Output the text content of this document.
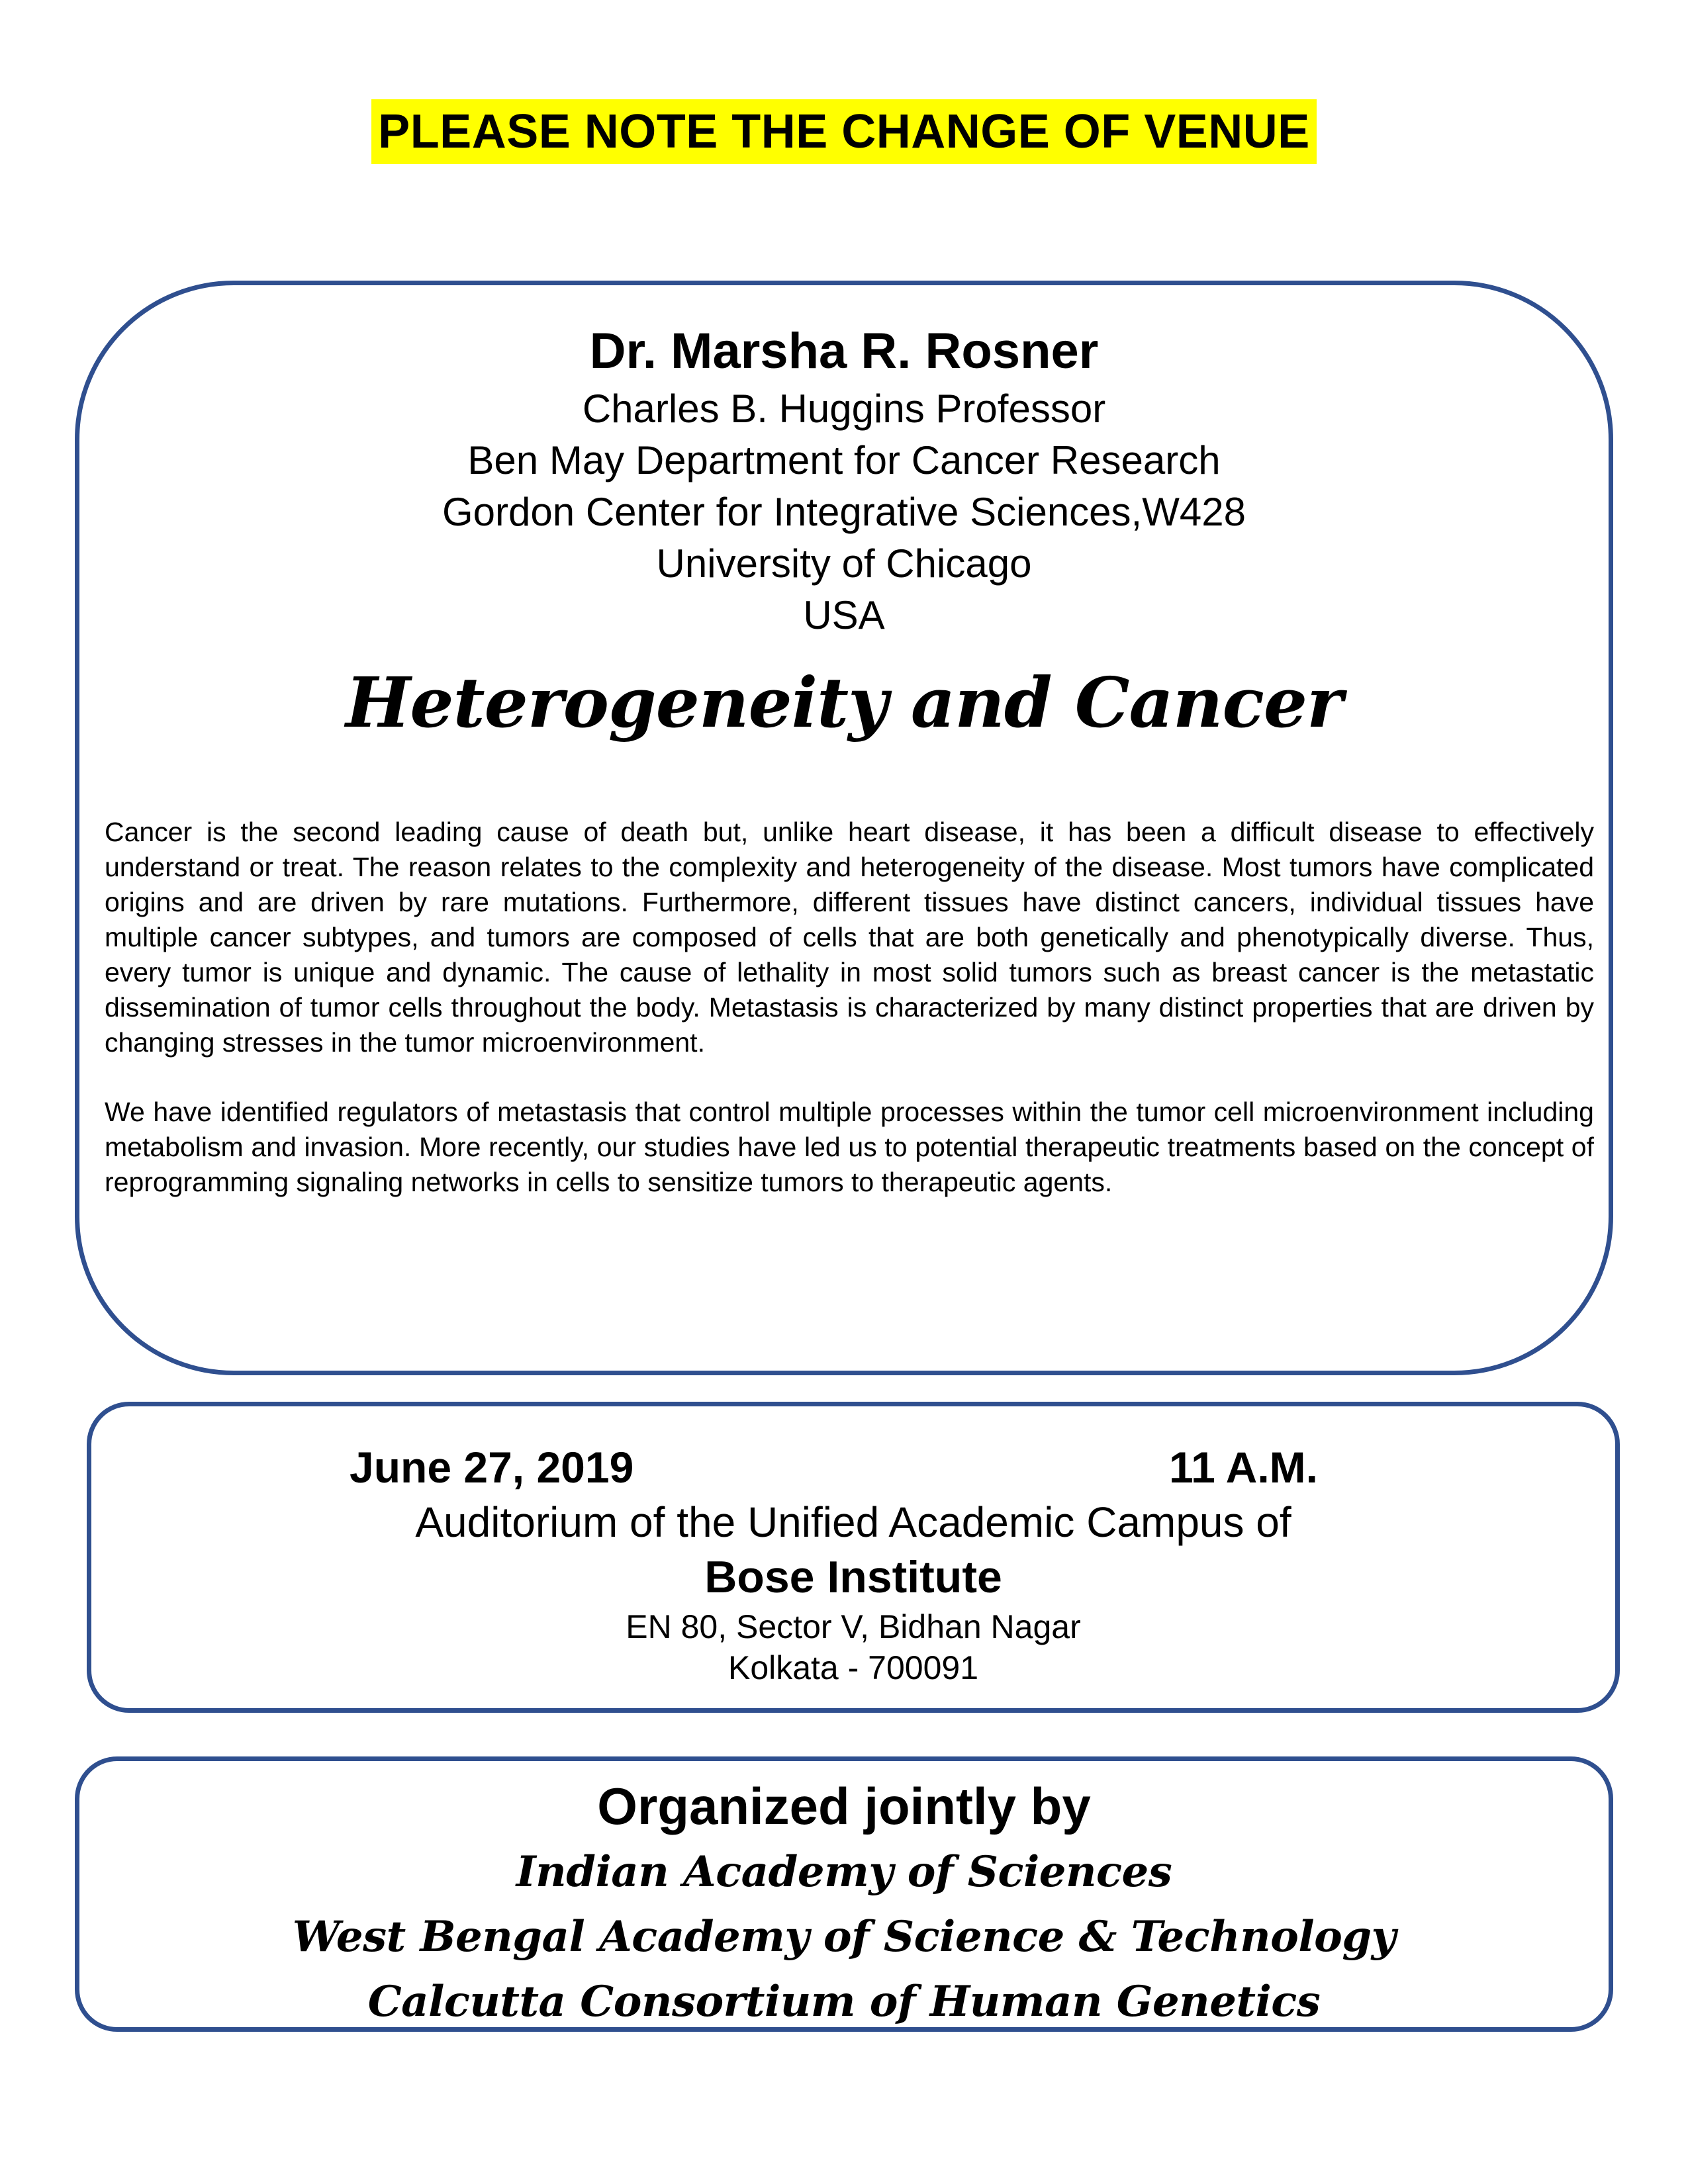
PLEASE NOTE THE CHANGE OF VENUE
Dr. Marsha R. Rosner
Charles B. Huggins Professor
Ben May Department for Cancer Research
Gordon Center for Integrative Sciences,W428
University of Chicago
USA
Heterogeneity and Cancer

Cancer is the second leading cause of death but, unlike heart disease, it has been a difficult disease to effectively understand or treat. The reason relates to the complexity and heterogeneity of the disease. Most tumors have complicated origins and are driven by rare mutations. Furthermore, different tissues have distinct cancers, individual tissues have multiple cancer subtypes, and tumors are composed of cells that are both genetically and phenotypically diverse. Thus, every tumor is unique and dynamic. The cause of lethality in most solid tumors such as breast cancer is the metastatic dissemination of tumor cells throughout the body. Metastasis is characterized by many distinct properties that are driven by changing stresses in the tumor microenvironment.

We have identified regulators of metastasis that control multiple processes within the tumor cell microenvironment including metabolism and invasion. More recently, our studies have led us to potential therapeutic treatments based on the concept of reprogramming signaling networks in cells to sensitize tumors to therapeutic agents.

June 27, 2019	11 A.M.
Auditorium of the Unified Academic Campus of
Bose Institute
EN 80, Sector V, Bidhan Nagar
Kolkata - 700091
Organized jointly by
Indian Academy of Sciences
West Bengal Academy of Science & Technology
Calcutta Consortium of Human Genetics
